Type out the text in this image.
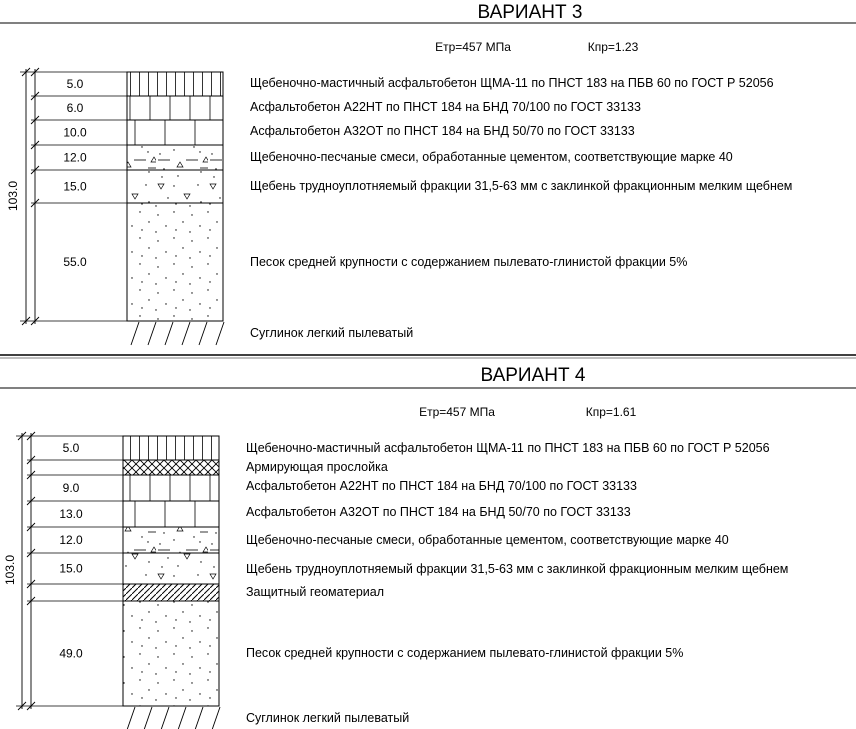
ВАРИАНТ 3
Етр=457 МПа	Кпр=1.23
103.0
5.0	Щебеночно-мастичный асфальтобетон ЩМА-11 по ПНСТ 183 на ПБВ 60 по ГОСТ Р 52056
6.0	Асфальтобетон А22НТ по ПНСТ 184 на БНД 70/100 по ГОСТ 33133
10.0	Асфальтобетон А32ОТ по ПНСТ 184 на БНД 50/70 по ГОСТ 33133
12.0	Щебеночно-песчаные смеси, обработанные цементом, соответствующие марке 40
15.0	Щебень трудноуплотняемый фракции 31,5-63 мм с заклинкой фракционным мелким щебнем
55.0	Песок средней крупности с содержанием пылевато-глинистой фракции 5%
Суглинок легкий пылеватый
ВАРИАНТ 4
Етр=457 МПа	Кпр=1.61
103.0
5.0	Щебеночно-мастичный асфальтобетон ЩМА-11 по ПНСТ 183 на ПБВ 60 по ГОСТ Р 52056
Армирующая прослойка
9.0	Асфальтобетон А22НТ по ПНСТ 184 на БНД 70/100 по ГОСТ 33133
13.0	Асфальтобетон А32ОТ по ПНСТ 184 на БНД 50/70 по ГОСТ 33133
12.0	Щебеночно-песчаные смеси, обработанные цементом, соответствующие марке 40
15.0	Щебень трудноуплотняемый фракции 31,5-63 мм с заклинкой фракционным мелким щебнем
Защитный геоматериал
49.0	Песок средней крупности с содержанием пылевато-глинистой фракции 5%
Суглинок легкий пылеватый
